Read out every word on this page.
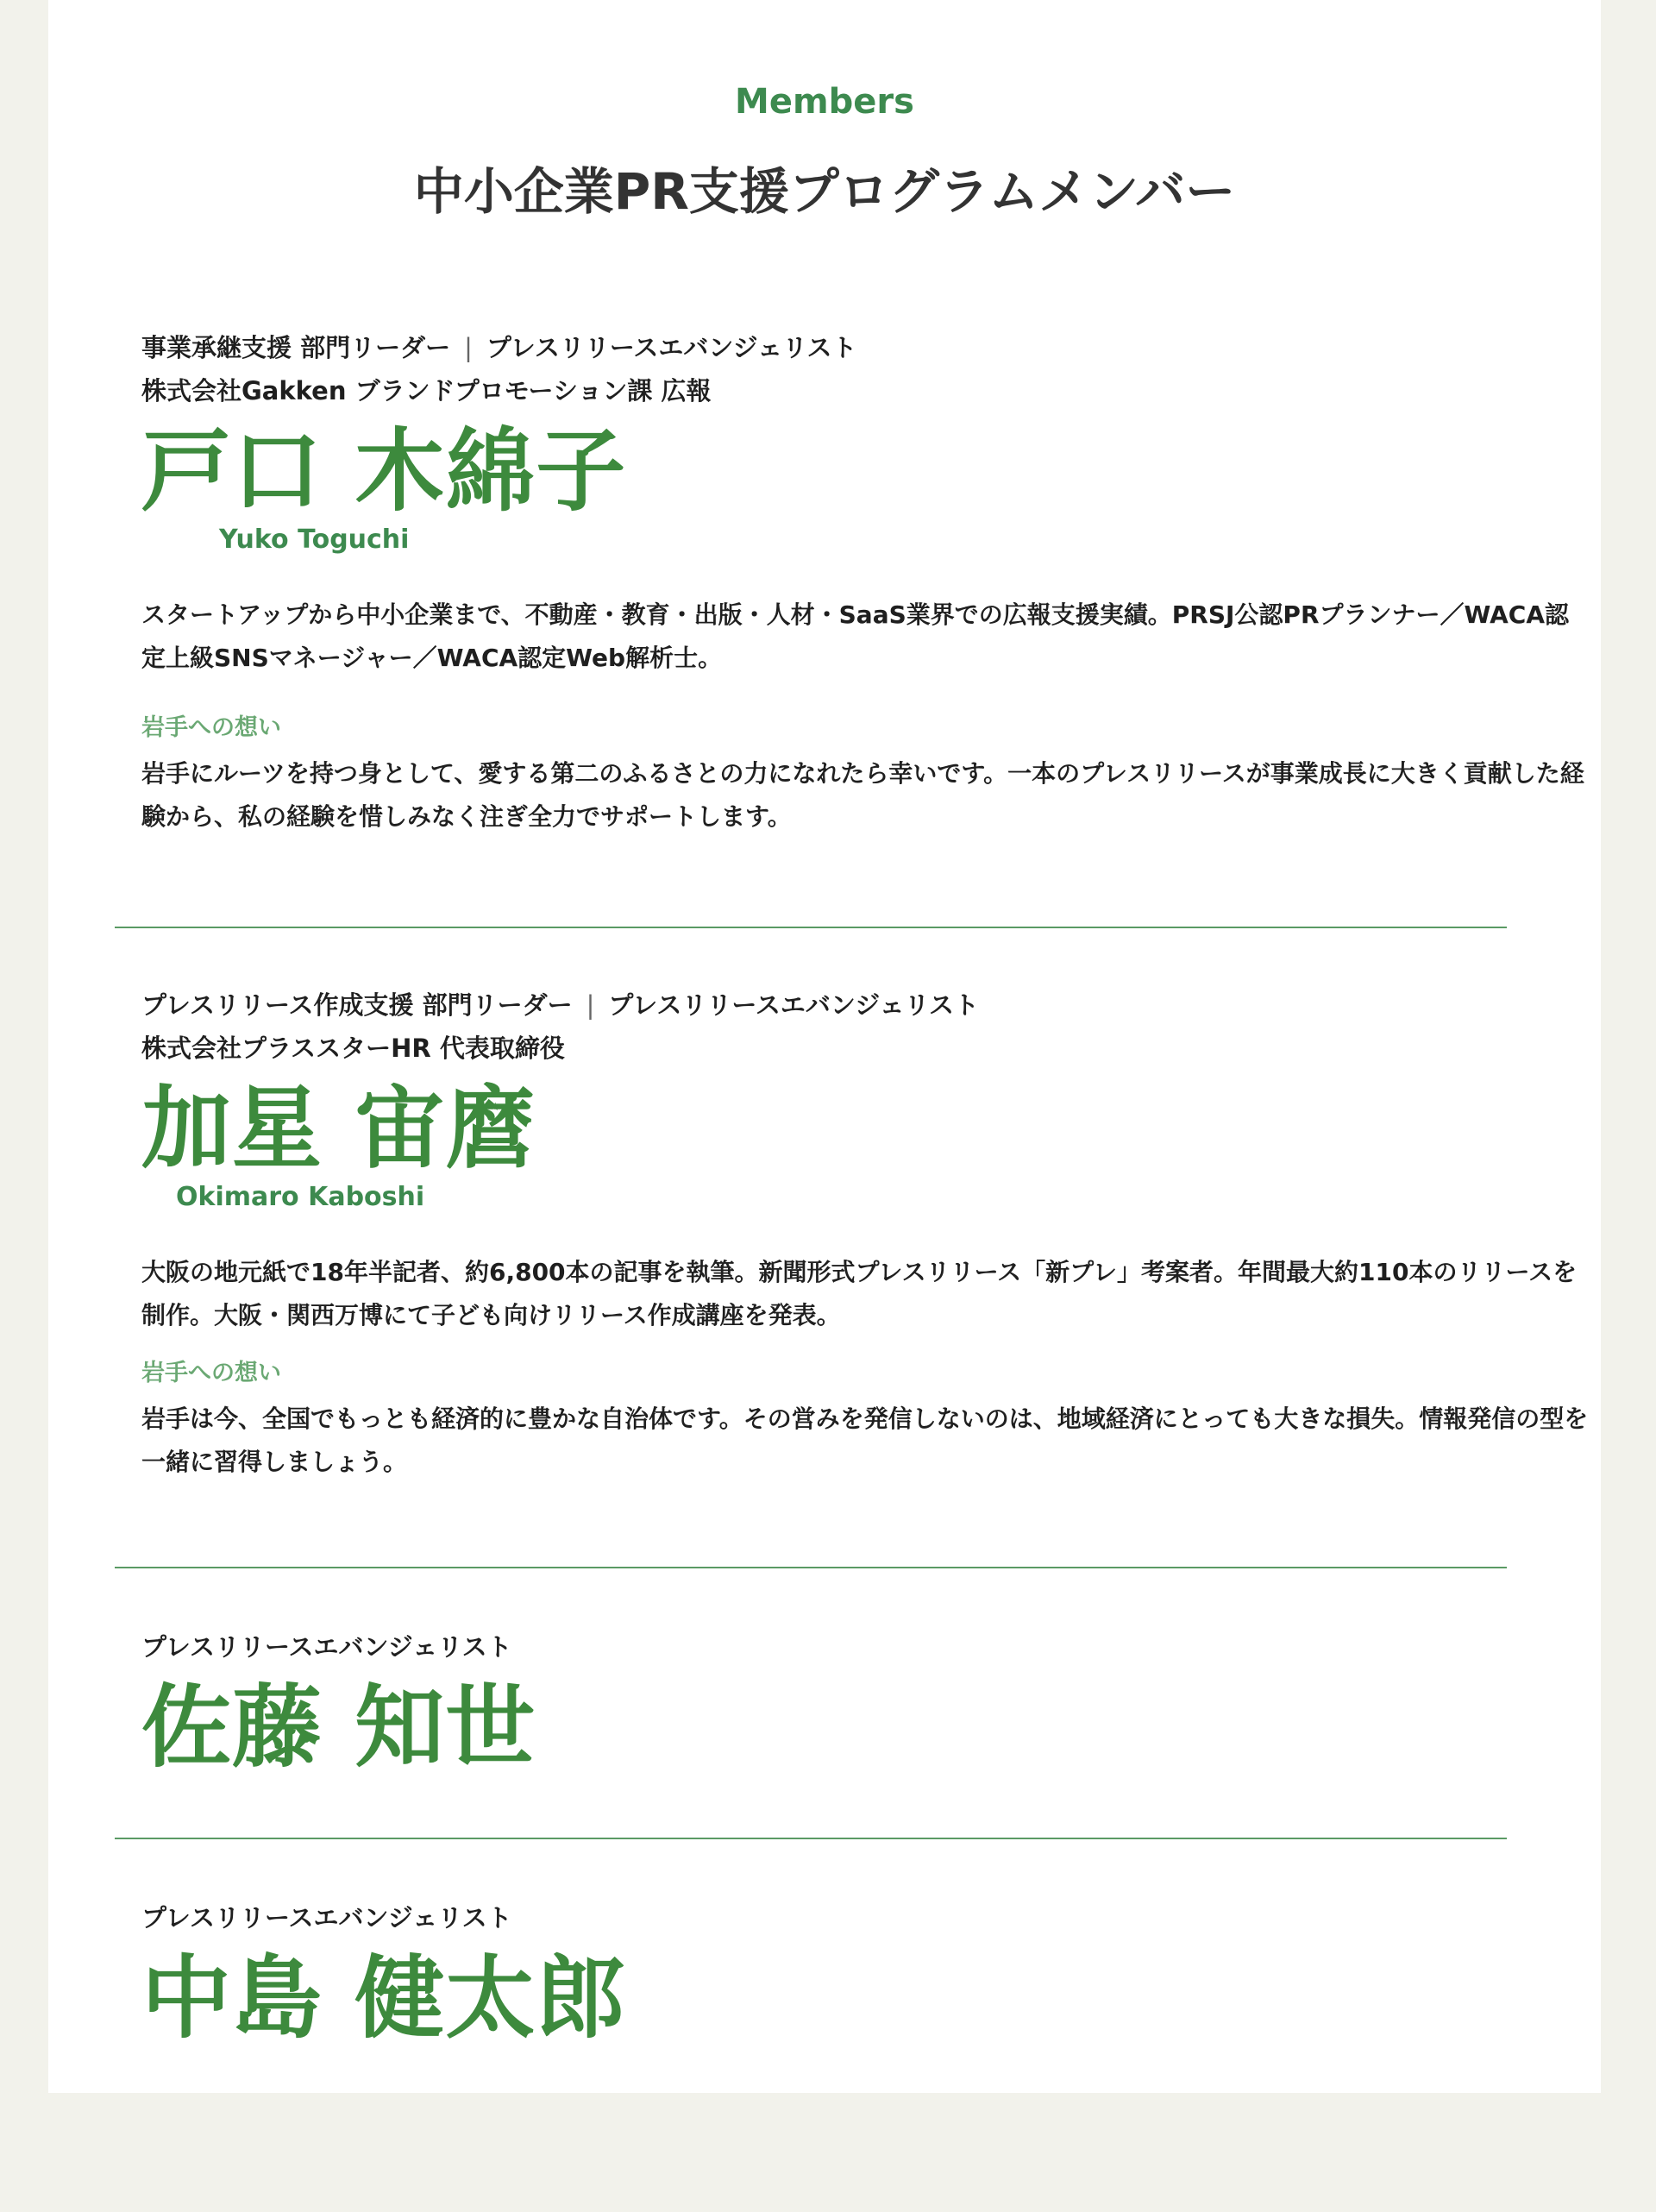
Members
中小企業PR支援プログラムメンバー
事業承継支援 部門リーダー | プレスリリースエバンジェリスト
株式会社Gakken ブランドプロモーション課 広報
戸口 木綿子
Yuko Toguchi
スタートアップから中小企業まで、不動産・教育・出版・人材・SaaS業界での広報支援実績。PRSJ公認PRプランナー／WACA認定上級SNSマネージャー／WACA認定Web解析士。
岩手への想い
岩手にルーツを持つ身として、愛する第二のふるさとの力になれたら幸いです。一本のプレスリリースが事業成長に大きく貢献した経験から、私の経験を惜しみなく注ぎ全力でサポートします。
プレスリリース作成支援 部門リーダー | プレスリリースエバンジェリスト
株式会社プラススターHR 代表取締役
加星 宙麿
Okimaro Kaboshi
大阪の地元紙で18年半記者、約6,800本の記事を執筆。新聞形式プレスリリース「新プレ」考案者。年間最大約110本のリリースを制作。大阪・関西万博にて子ども向けリリース作成講座を発表。
岩手への想い
岩手は今、全国でもっとも経済的に豊かな自治体です。その営みを発信しないのは、地域経済にとっても大きな損失。情報発信の型を一緒に習得しましょう。
プレスリリースエバンジェリスト
佐藤 知世
プレスリリースエバンジェリスト
中島 健太郎
